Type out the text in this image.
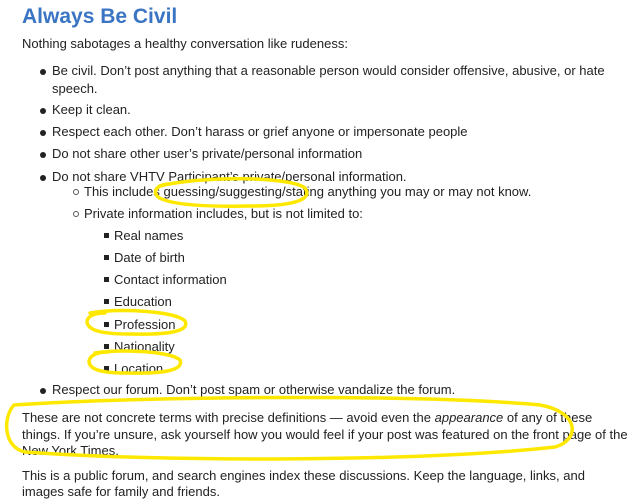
Always Be Civil

Nothing sabotages a healthy conversation like rudeness:

Be civil. Don’t post anything that a reasonable person would consider offensive, abusive, or hate

speech.

Keep it clean.

Respect each other. Don’t harass or grief anyone or impersonate people

Do not share other user’s private/personal information

Do not share VHTV Participant’s private/personal information.

This includes guessing/suggesting/stating anything you may or may not know.

Private information includes, but is not limited to:

Real names

Date of birth

Contact information

Education

Profession

Nationality

Location

Respect our forum. Don’t post spam or otherwise vandalize the forum.

These are not concrete terms with precise definitions — avoid even the appearance of any of these

things. If you’re unsure, ask yourself how you would feel if your post was featured on the front page of the

New York Times.

This is a public forum, and search engines index these discussions. Keep the language, links, and

images safe for family and friends.
